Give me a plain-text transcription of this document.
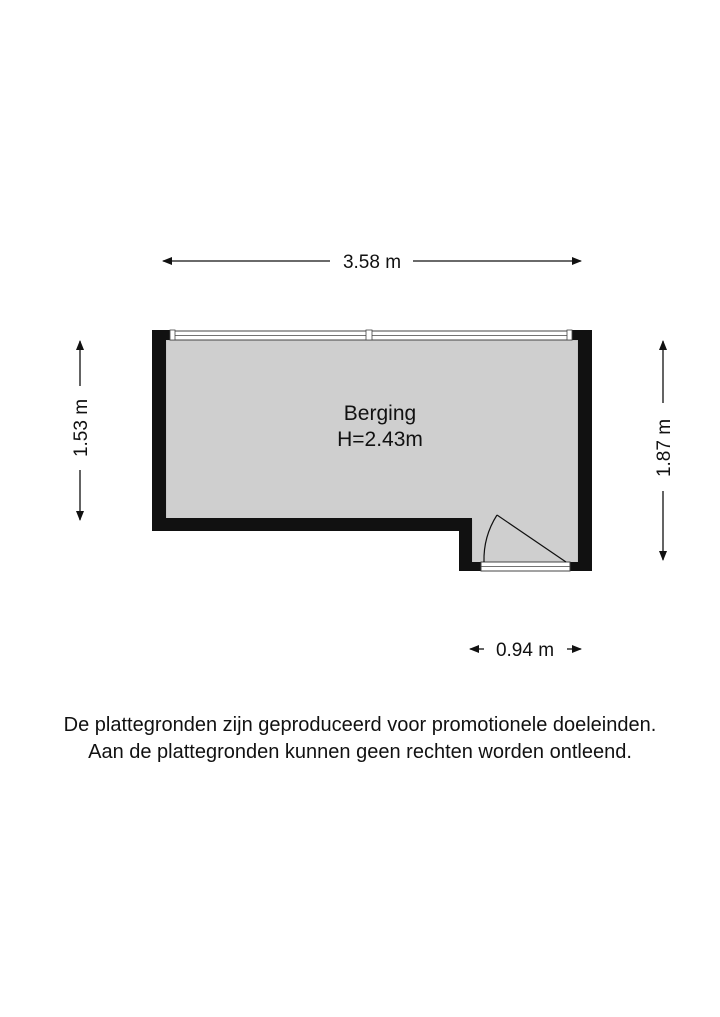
Berging
H=2.43m
3.58 m
1.53 m	1.87 m
0.94 m
De plattegronden zijn geproduceerd voor promotionele doeleinden.
Aan de plattegronden kunnen geen rechten worden ontleend.
